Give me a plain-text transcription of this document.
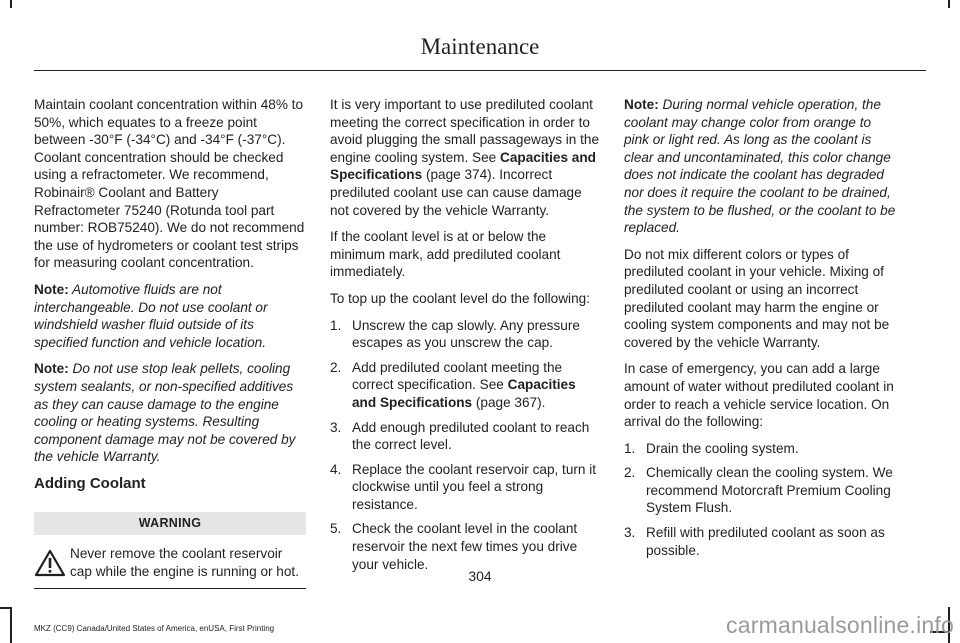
Maintenance

Maintain coolant concentration within 48% to 50%, which equates to a freeze point between -30°F (-34°C) and -34°F (-37°C). Coolant concentration should be checked using a refractometer. We recommend, Robinair® Coolant and Battery Refractometer 75240 (Rotunda tool part number: ROB75240). We do not recommend the use of hydrometers or coolant test strips for measuring coolant concentration.

Note: Automotive fluids are not interchangeable. Do not use coolant or windshield washer fluid outside of its specified function and vehicle location.

Note: Do not use stop leak pellets, cooling system sealants, or non-specified additives as they can cause damage to the engine cooling or heating systems. Resulting component damage may not be covered by the vehicle Warranty.

Adding Coolant
WARNING
Never remove the coolant reservoir cap while the engine is running or hot.

It is very important to use prediluted coolant meeting the correct specification in order to avoid plugging the small passageways in the engine cooling system. See Capacities and Specifications (page 374). Incorrect prediluted coolant use can cause damage not covered by the vehicle Warranty.

If the coolant level is at or below the minimum mark, add prediluted coolant immediately.

To top up the coolant level do the following:

1. Unscrew the cap slowly. Any pressure escapes as you unscrew the cap.
2. Add prediluted coolant meeting the correct specification. See Capacities and Specifications (page 367).
3. Add enough prediluted coolant to reach the correct level.
4. Replace the coolant reservoir cap, turn it clockwise until you feel a strong resistance.
5. Check the coolant level in the coolant reservoir the next few times you drive your vehicle.

Note: During normal vehicle operation, the coolant may change color from orange to pink or light red. As long as the coolant is clear and uncontaminated, this color change does not indicate the coolant has degraded nor does it require the coolant to be drained, the system to be flushed, or the coolant to be replaced.

Do not mix different colors or types of prediluted coolant in your vehicle. Mixing of prediluted coolant or using an incorrect prediluted coolant may harm the engine or cooling system components and may not be covered by the vehicle Warranty.

In case of emergency, you can add a large amount of water without prediluted coolant in order to reach a vehicle service location. On arrival do the following:

1. Drain the cooling system.
2. Chemically clean the cooling system. We recommend Motorcraft Premium Cooling System Flush.
3. Refill with prediluted coolant as soon as possible.
304
MKZ (CC9) Canada/United States of America, enUSA, First Printing	carmanualsonline.info
